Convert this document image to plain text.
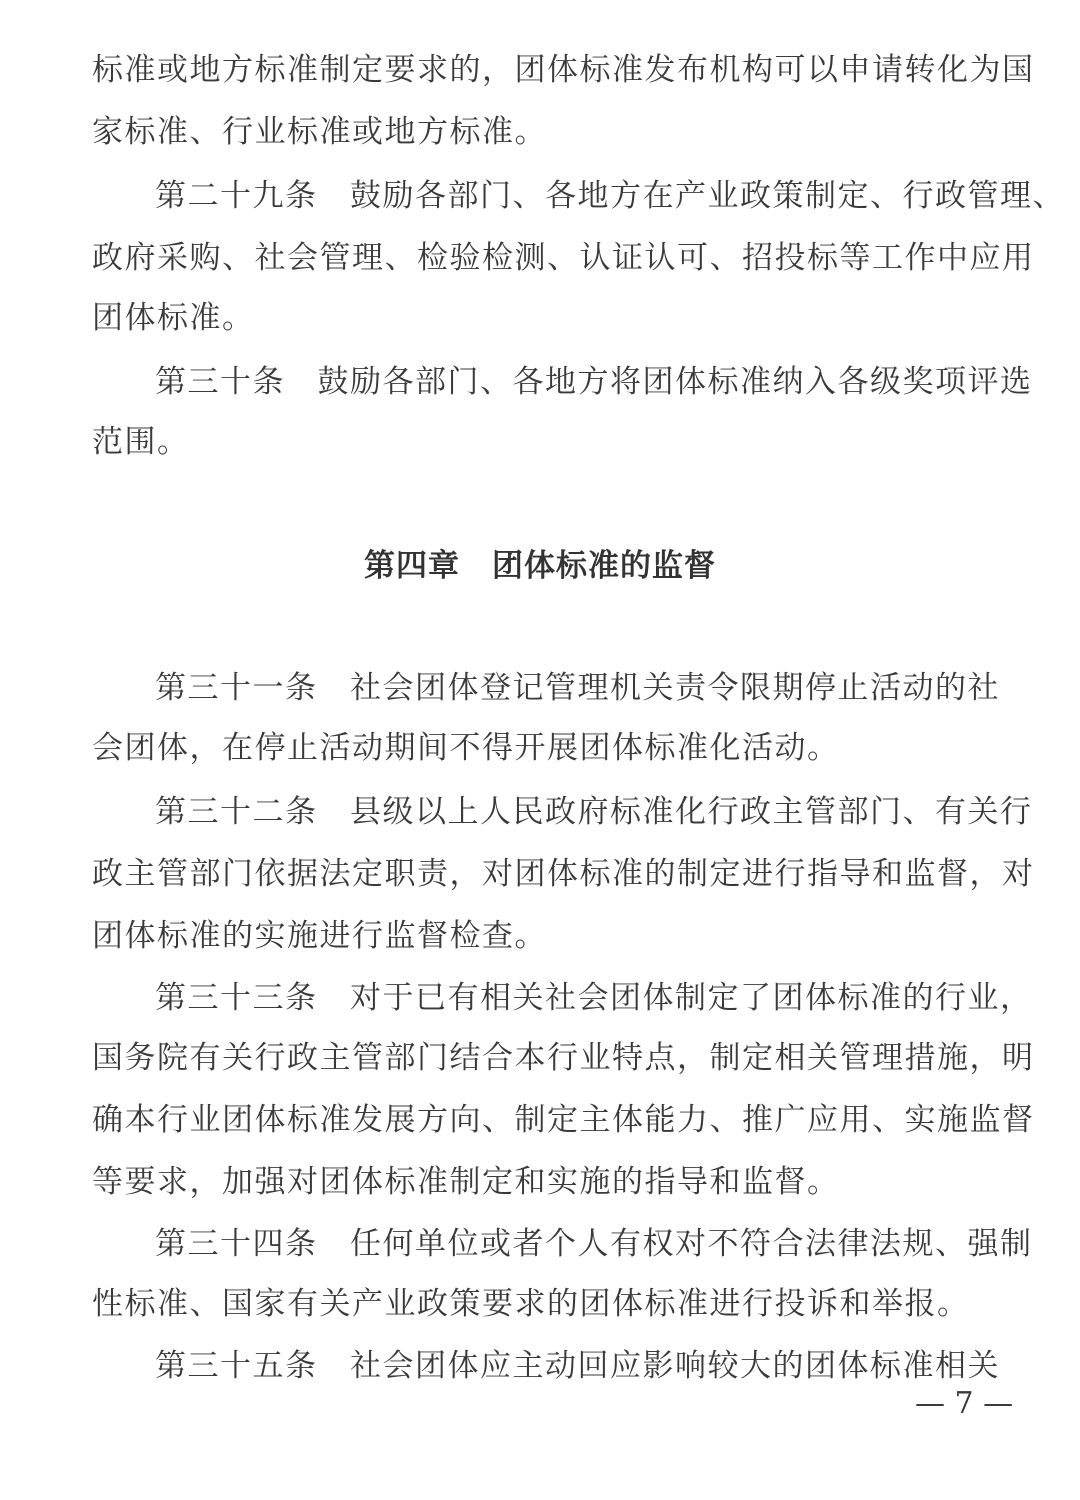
标准或地方标准制定要求的，团体标准发布机构可以申请转化为国
家标准、行业标准或地方标准。
第二十九条　鼓励各部门、各地方在产业政策制定、行政管理、
政府采购、社会管理、检验检测、认证认可、招投标等工作中应用
团体标准。
第三十条　鼓励各部门、各地方将团体标准纳入各级奖项评选
范围。
第四章　团体标准的监督
第三十一条　社会团体登记管理机关责令限期停止活动的社
会团体，在停止活动期间不得开展团体标准化活动。
第三十二条　县级以上人民政府标准化行政主管部门、有关行
政主管部门依据法定职责，对团体标准的制定进行指导和监督，对
团体标准的实施进行监督检查。
第三十三条　对于已有相关社会团体制定了团体标准的行业，
国务院有关行政主管部门结合本行业特点，制定相关管理措施，明
确本行业团体标准发展方向、制定主体能力、推广应用、实施监督
等要求，加强对团体标准制定和实施的指导和监督。
第三十四条　任何单位或者个人有权对不符合法律法规、强制
性标准、国家有关产业政策要求的团体标准进行投诉和举报。
第三十五条　社会团体应主动回应影响较大的团体标准相关
— 7 —
